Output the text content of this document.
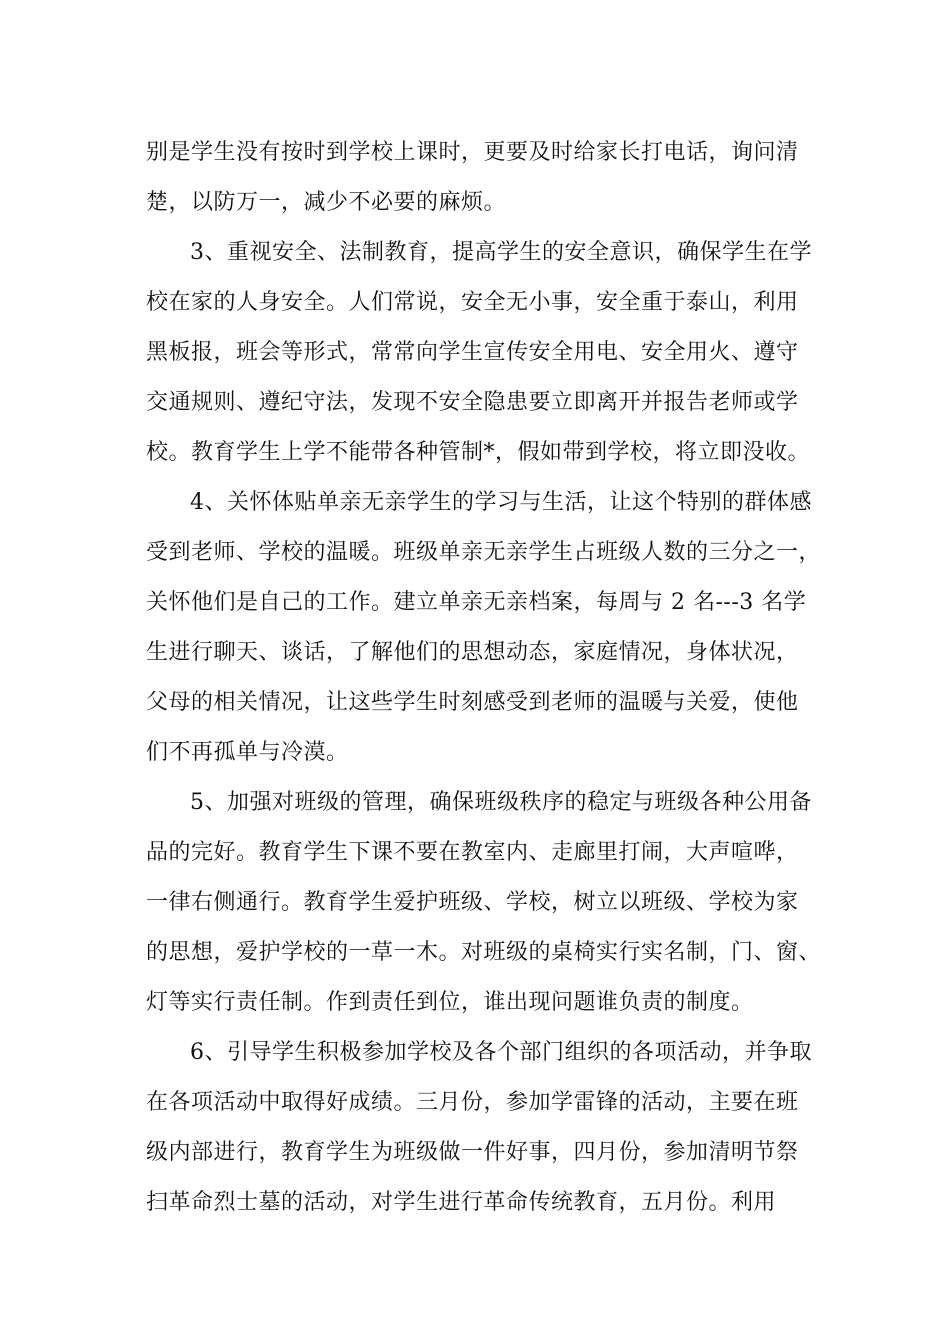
别是学生没有按时到学校上课时，更要及时给家长打电话，询问清
楚，以防万一，减少不必要的麻烦。
3、重视安全、法制教育，提高学生的安全意识，确保学生在学
校在家的人身安全。人们常说，安全无小事，安全重于泰山，利用
黑板报，班会等形式，常常向学生宣传安全用电、安全用火、遵守
交通规则、遵纪守法，发现不安全隐患要立即离开并报告老师或学
校。教育学生上学不能带各种管制*，假如带到学校，将立即没收。
4、关怀体贴单亲无亲学生的学习与生活，让这个特别的群体感
受到老师、学校的温暖。班级单亲无亲学生占班级人数的三分之一，
关怀他们是自己的工作。建立单亲无亲档案，每周与 2 名---3 名学
生进行聊天、谈话，了解他们的思想动态，家庭情况，身体状况，
父母的相关情况，让这些学生时刻感受到老师的温暖与关爱，使他
们不再孤单与冷漠。
5、加强对班级的管理，确保班级秩序的稳定与班级各种公用备
品的完好。教育学生下课不要在教室内、走廊里打闹，大声喧哗，
一律右侧通行。教育学生爱护班级、学校，树立以班级、学校为家
的思想，爱护学校的一草一木。对班级的桌椅实行实名制，门、窗、
灯等实行责任制。作到责任到位，谁出现问题谁负责的制度。
6、引导学生积极参加学校及各个部门组织的各项活动，并争取
在各项活动中取得好成绩。三月份，参加学雷锋的活动，主要在班
级内部进行，教育学生为班级做一件好事，四月份，参加清明节祭
扫革命烈士墓的活动，对学生进行革命传统教育，五月份。利用
